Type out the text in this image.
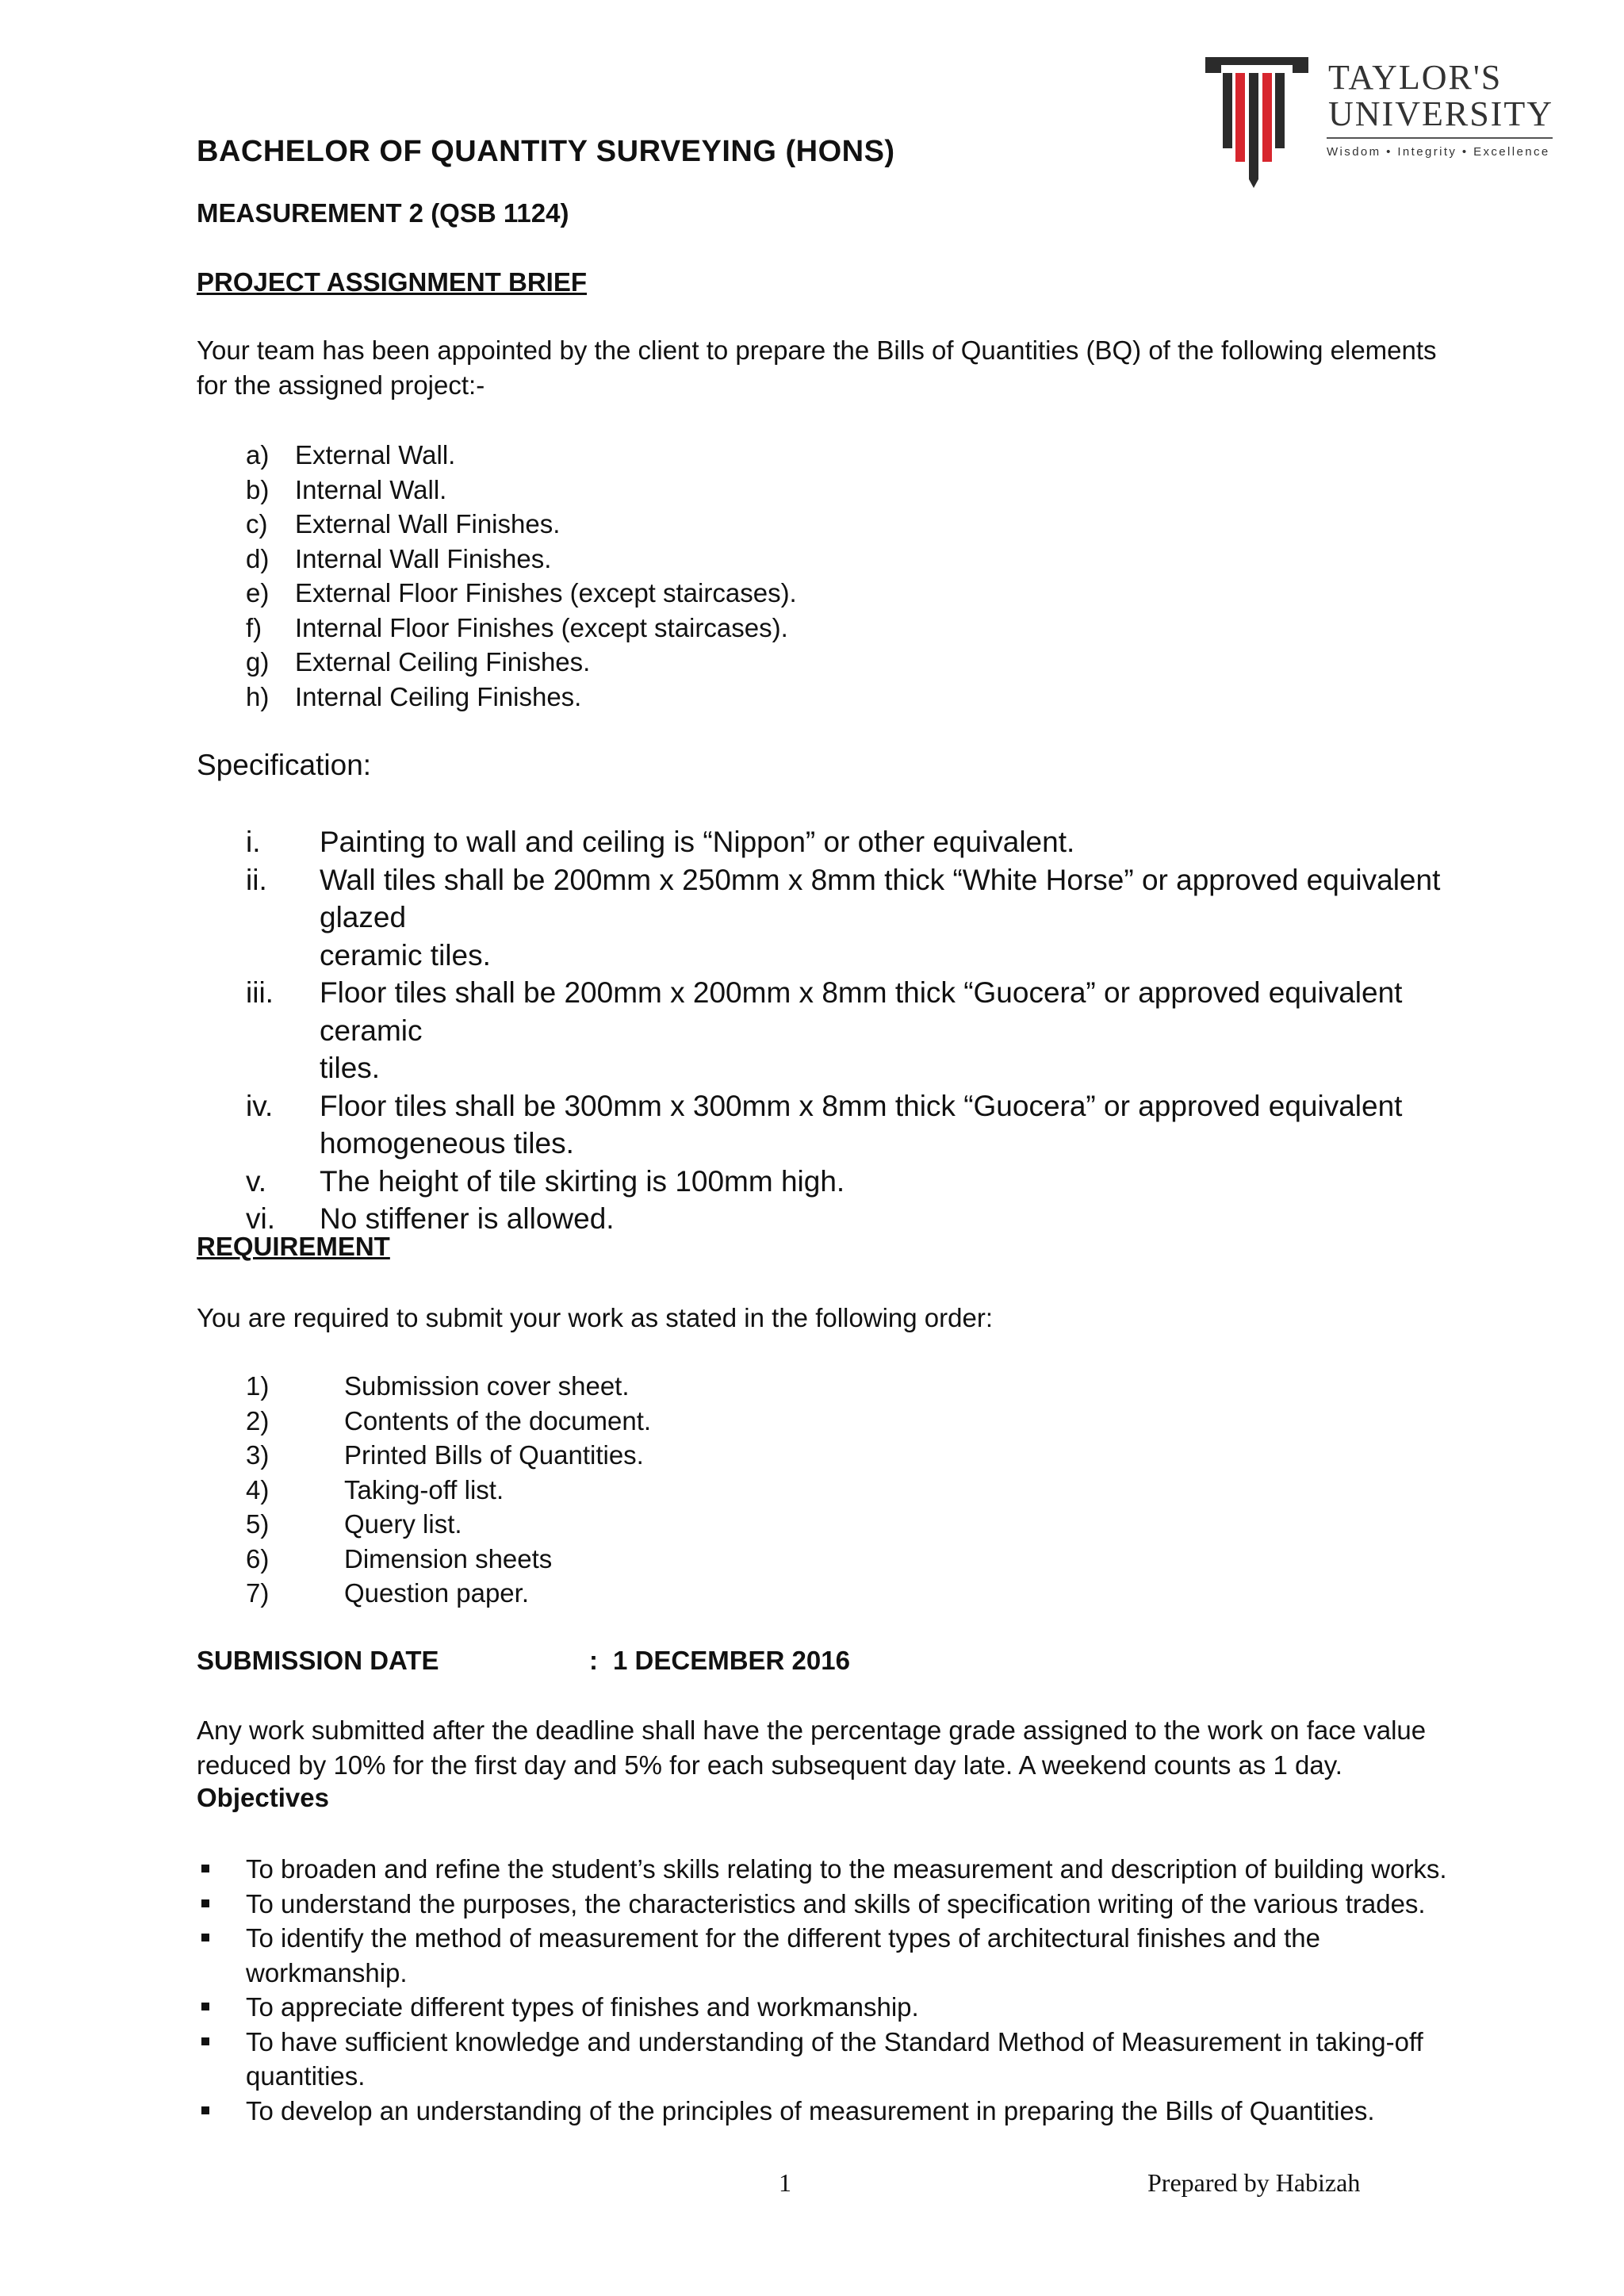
TAYLOR'S
UNIVERSITY
Wisdom • Integrity • Excellence
BACHELOR OF QUANTITY SURVEYING (HONS)
MEASUREMENT 2 (QSB 1124)
PROJECT ASSIGNMENT BRIEF
Your team has been appointed by the client to prepare the Bills of Quantities (BQ) of the following elements for the assigned project:-
a) External Wall.
b) Internal Wall.
c) External Wall Finishes.
d) Internal Wall Finishes.
e) External Floor Finishes (except staircases).
f) Internal Floor Finishes (except staircases).
g) External Ceiling Finishes.
h) Internal Ceiling Finishes.
Specification:
i. Painting to wall and ceiling is “Nippon” or other equivalent.
ii. Wall tiles shall be 200mm x 250mm x 8mm thick “White Horse” or approved equivalent glazed
ceramic tiles.
iii. Floor tiles shall be 200mm x 200mm x 8mm thick “Guocera” or approved equivalent ceramic
tiles.
iv. Floor tiles shall be 300mm x 300mm x 8mm thick “Guocera” or approved equivalent
homogeneous tiles.
v. The height of tile skirting is 100mm high.
vi. No stiffener is allowed.
REQUIREMENT
You are required to submit your work as stated in the following order:
1)	Submission cover sheet.
2)	Contents of the document.
3)	Printed Bills of Quantities.
4)	Taking-off list.
5)	Query list.
6)	Dimension sheets
7)	Question paper.
SUBMISSION DATE	: 1 DECEMBER 2016
Any work submitted after the deadline shall have the percentage grade assigned to the work on face value
reduced by 10% for the first day and 5% for each subsequent day late. A weekend counts as 1 day.
Objectives
To broaden and refine the student’s skills relating to the measurement and description of building works.
To understand the purposes, the characteristics and skills of specification writing of the various trades.
To identify the method of measurement for the different types of architectural finishes and the workmanship.
To appreciate different types of finishes and workmanship.
To have sufficient knowledge and understanding of the Standard Method of Measurement in taking-off
quantities.
To develop an understanding of the principles of measurement in preparing the Bills of Quantities.
1	Prepared by Habizah
